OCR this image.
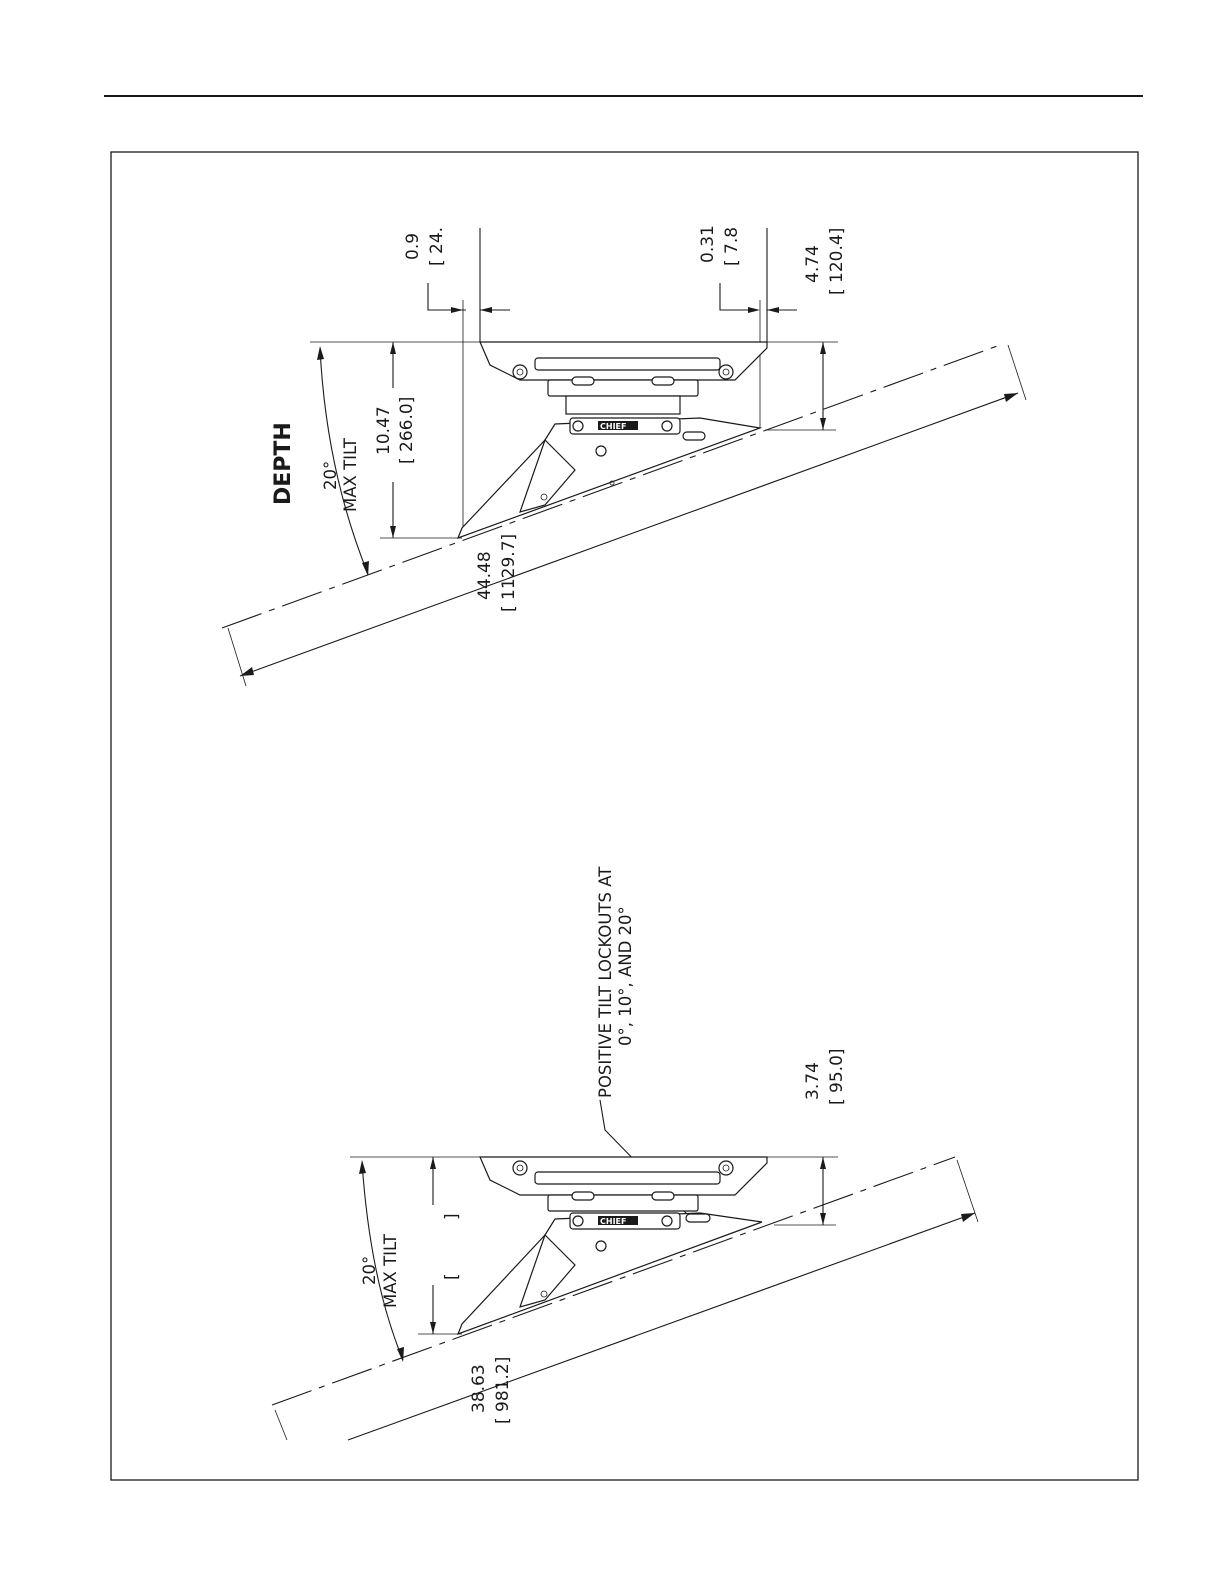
CHIEF
CHIEF
DEPTH 20° MAX TILT
10.47 [ 266.0]
44.48 [ 1129.7]
0.9 [ 24.	0.31 [ 7.8	4.74 [ 120.4]
POSITIVE TILT LOCKOUTS AT 0°, 10°, AND 20°
3.74 [ 95.0]
20° MAX TILT [
]
38.63 [ 981.2]
